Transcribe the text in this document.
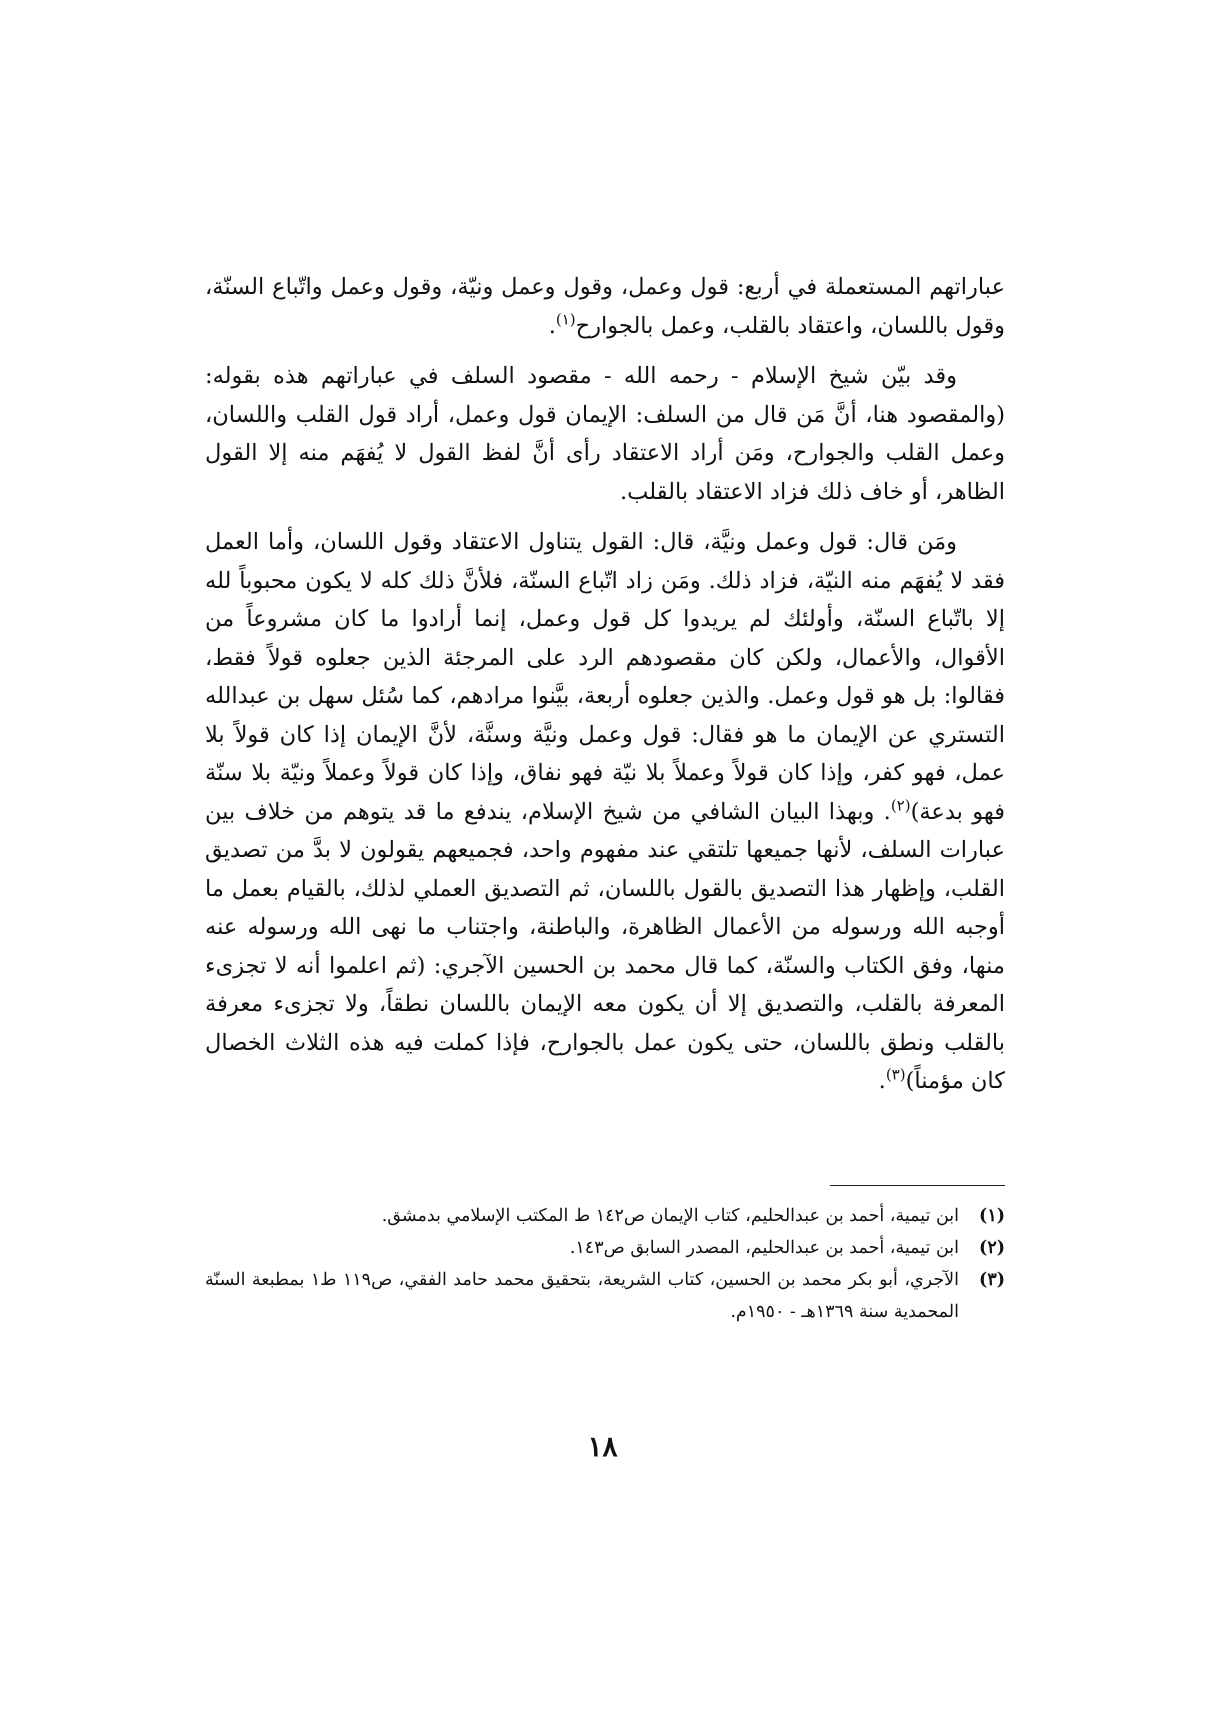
عباراتهم المستعملة في أربع: قول وعمل، وقول وعمل ونيّة، وقول وعمل واتّباع السنّة، وقول باللسان، واعتقاد بالقلب، وعمل بالجوارح$^{(١)}$.

وقد بيّن شيخ الإسلام - رحمه الله - مقصود السلف في عباراتهم هذه بقوله: (والمقصود هنا، أنَّ مَن قال من السلف: الإيمان قول وعمل، أراد قول القلب واللسان، وعمل القلب والجوارح، ومَن أراد الاعتقاد رأى أنَّ لفظ القول لا يُفهَم منه إلا القول الظاهر، أو خاف ذلك فزاد الاعتقاد بالقلب.

ومَن قال: قول وعمل ونيَّة، قال: القول يتناول الاعتقاد وقول اللسان، وأما العمل فقد لا يُفهَم منه النيّة، فزاد ذلك. ومَن زاد اتّباع السنّة، فلأنَّ ذلك كله لا يكون محبوباً لله إلا باتّباع السنّة، وأولئك لم يريدوا كل قول وعمل، إنما أرادوا ما كان مشروعاً من الأقوال، والأعمال، ولكن كان مقصودهم الرد على المرجئة الذين جعلوه قولاً فقط، فقالوا: بل هو قول وعمل. والذين جعلوه أربعة، بيَّنوا مرادهم، كما سُئل سهل بن عبدالله التستري عن الإيمان ما هو فقال: قول وعمل ونيَّة وسنَّة، لأنَّ الإيمان إذا كان قولاً بلا عمل، فهو كفر، وإذا كان قولاً وعملاً بلا نيّة فهو نفاق، وإذا كان قولاً وعملاً ونيّة بلا سنّة فهو بدعة)$^{(٢)}$. وبهذا البيان الشافي من شيخ الإسلام، يندفع ما قد يتوهم من خلاف بين عبارات السلف، لأنها جميعها تلتقي عند مفهوم واحد، فجميعهم يقولون لا بدَّ من تصديق القلب، وإظهار هذا التصديق بالقول باللسان، ثم التصديق العملي لذلك، بالقيام بعمل ما أوجبه الله ورسوله من الأعمال الظاهرة، والباطنة، واجتناب ما نهى الله ورسوله عنه منها، وفق الكتاب والسنّة، كما قال محمد بن الحسين الآجري: (ثم اعلموا أنه لا تجزىء المعرفة بالقلب، والتصديق إلا أن يكون معه الإيمان باللسان نطقاً، ولا تجزىء معرفة بالقلب ونطق باللسان، حتى يكون عمل بالجوارح، فإذا كملت فيه هذه الثلاث الخصال كان مؤمناً)$^{(٣)}$.

(١)
ابن تيمية، أحمد بن عبدالحليم، كتاب الإيمان ص١٤٢ ط المكتب الإسلامي بدمشق.
(٢)
ابن تيمية، أحمد بن عبدالحليم، المصدر السابق ص١٤٣.
(٣)
الآجري، أبو بكر محمد بن الحسين، كتاب الشريعة، بتحقيق محمد حامد الفقي، ص١١٩ ط١ بمطبعة السنّة المحمدية سنة ١٣٦٩هـ - ١٩٥٠م.
١٨
